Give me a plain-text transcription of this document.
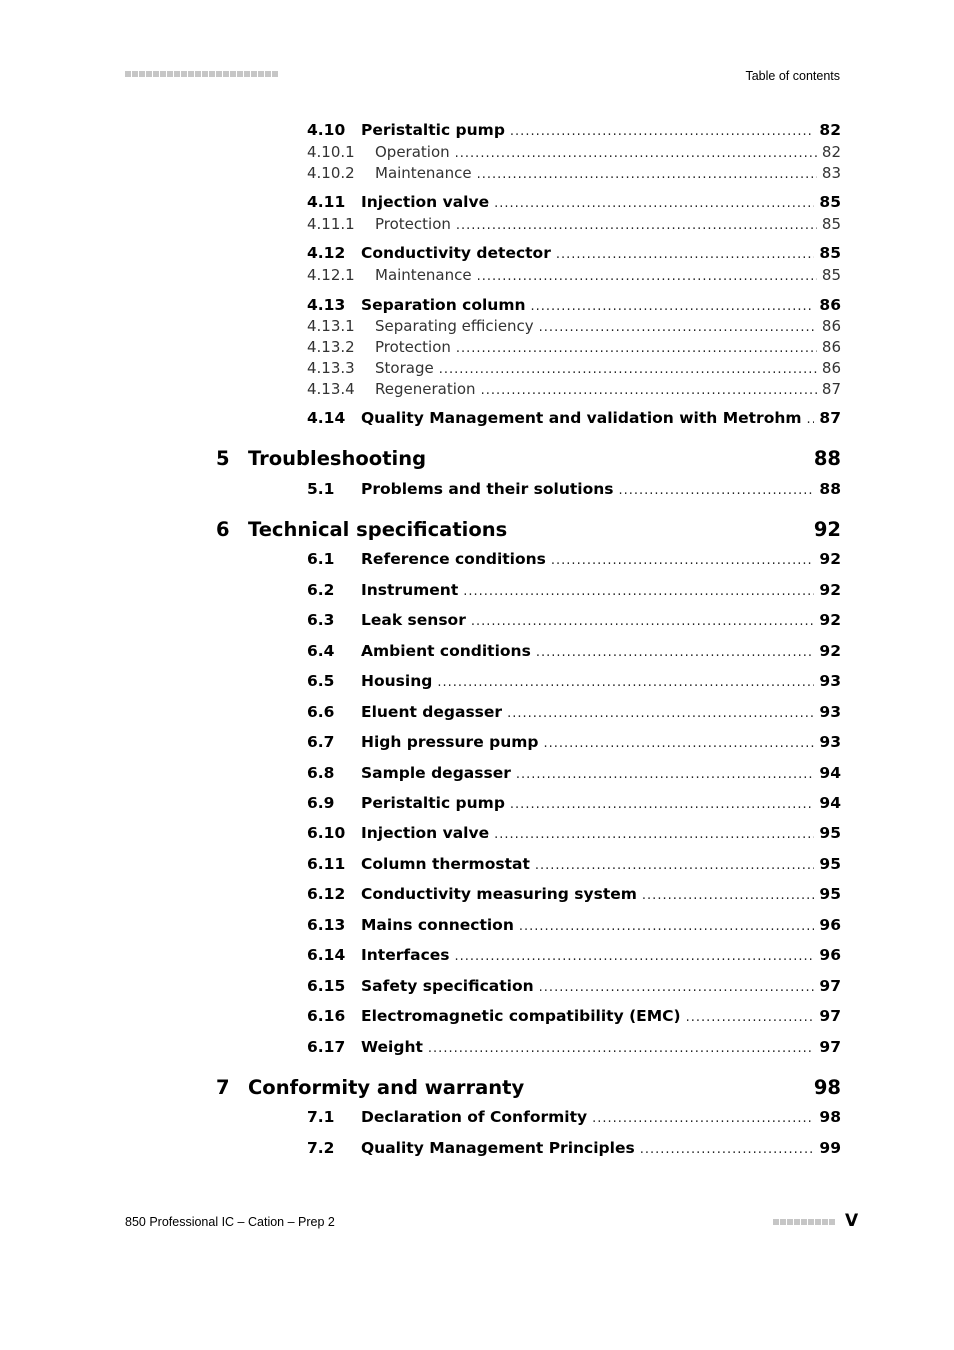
Table of contents
4.10	Peristaltic pump .....	82
4.10.1	Operation .....	82
4.10.2	Maintenance .....	83
4.11	Injection valve .....	85
4.11.1	Protection .....	85
4.12	Conductivity detector .....	85
4.12.1	Maintenance .....	85
4.13	Separation column .....	86
4.13.1	Separating efficiency .....	86
4.13.2	Protection .....	86
4.13.3	Storage .....	86
4.13.4	Regeneration .....	87
4.14	Quality Management and validation with Metrohm ..... 87
5 Troubleshooting	88
5.1	Problems and their solutions .....	88
6 Technical specifications	92
6.1	Reference conditions .....	92
6.2	Instrument .....	92
6.3	Leak sensor .....	92
6.4	Ambient conditions .....	92
6.5	Housing .....	93
6.6	Eluent degasser .....	93
6.7	High pressure pump .....	93
6.8	Sample degasser .....	94
6.9	Peristaltic pump .....	94
6.10	Injection valve .....	95
6.11	Column thermostat .....	95
6.12	Conductivity measuring system .....	95
6.13	Mains connection .....	96
6.14	Interfaces .....	96
6.15	Safety specification .....	97
6.16	Electromagnetic compatibility (EMC) .....	97
6.17	Weight .....	97
7 Conformity and warranty	98
7.1	Declaration of Conformity .....	98
7.2	Quality Management Principles .....	99
850 Professional IC – Cation – Prep 2	V
